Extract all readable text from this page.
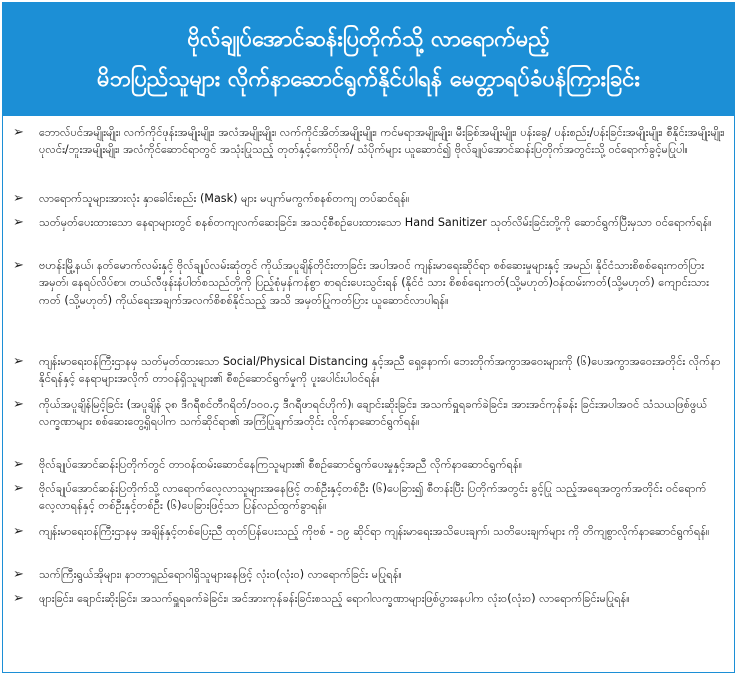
ဗိုလ်ချုပ်အောင်ဆန်းပြတိုက်သို့ လာရောက်မည့်
မိဘပြည်သူများ လိုက်နာဆောင်ရွက်နိုင်ပါရန် မေတ္တာရပ်ခံပန်ကြားခြင်း
➢	ဘောလ်ပင်အမျိုးမျိုး၊ လက်ကိုင်ဖုန်းအမျိုးမျိုး၊ အလံအမျိုးမျိုး၊ လက်ကိုင်အိတ်အမျိုးမျိုး၊ ကင်မရာအမျိုးမျိုး၊ မီးခြစ်အမျိုးမျိုး၊ ပန်းခွေ/ ပန်းစည်း/ပန်းခြင်းအမျိုးမျိုး၊ စီနိုင်းအမျိုးမျိုး၊ ပုလင်း/ဘူးအမျိုးမျိုး၊ အလံကိုင်ဆောင်ရာတွင် အသုံးပြုသည့် တုတ်နှင့်ကော်ပိုက်/ သံပိုက်များ ယူဆောင်၍ ဗိုလ်ချုပ်အောင်ဆန်းပြတိုက်အတွင်းသို့ ဝင်ရောက်ခွင့်မပြုပါ။
➢	လာရောက်သူများအားလုံး နှာခေါင်းစည်း (Mask) များ မပျက်မကွက်စနစ်တကျ တပ်ဆင်ရန်။
➢	သတ်မှတ်ပေးထားသော နေရာများတွင် စနစ်တကျလက်ဆေးခြင်း၊ အသင့်စီစဉ်ပေးထားသော Hand Sanitizer သုတ်လိမ်းခြင်းတို့ကို ဆောင်ရွက်ပြီးမှသာ ဝင်ရောက်ရန်။
➢	ဗဟန်းမြို့နယ်၊ နတ်မောက်လမ်းနှင့် ဗိုလ်ချုပ်လမ်းဆုံတွင် ကိုယ်အပူချိန်တိုင်းတာခြင်း အပါအဝင် ကျန်းမာရေးဆိုင်ရာ စစ်ဆေးမှုများနှင့် အမည်၊ နိုင်ငံသားစိစစ်ရေးကတ်ပြားအမှတ်၊ နေရပ်လိပ်စာ၊ တယ်လီဖုန်းနံပါတ်စသည်တို့ကို ပြည့်စုံမှန်ကန်စွာ စာရင်းပေးသွင်းရန် (နိုင်ငံ သား စိစစ်ရေးကတ်(သို့မဟုတ်)ဝန်ထမ်းကတ်(သို့မဟုတ်) ကျောင်းသားကတ် (သို့မဟုတ်) ကိုယ်ရေးအချက်အလက်စိစစ်နိုင်သည့် အသိ အမှတ်ပြုကတ်ပြား ယူဆောင်လာပါရန်။
➢	ကျန်းမာရေးဝန်ကြီးဌာနမှ သတ်မှတ်ထားသော Social/Physical Distancing နှင့်အညီ ရှေ့နောက်၊ ဘေးတိုက်အကွာအဝေးများကို (၆)ပေအကွာအဝေးအတိုင်း လိုက်နာနိုင်ရန်နှင့် နေရာများအလိုက် တာဝန်ရှိသူများ၏ စီစဉ်ဆောင်ရွက်မှုကို ပူးပေါင်းပါဝင်ရန်။
➢	ကိုယ်အပူချိန်မြင့်ခြင်း (အပူချိန် ၃၈ ဒီဂရီစင်တီဂရိတ်/၁၀၀.၄ ဒီဂရီဖာရင်ဟိုက်)၊ ချောင်းဆိုးခြင်း၊ အသက်ရှူရခက်ခဲခြင်း၊ အားအင်ကုန်ခန်း ခြင်းအပါအဝင် သံသယဖြစ်ဖွယ်လက္ခဏာများ စစ်ဆေးတွေ့ရှိရပါက သက်ဆိုင်ရာ၏ အကြံပြုချက်အတိုင်း လိုက်နာဆောင်ရွက်ရန်။
➢	ဗိုလ်ချုပ်အောင်ဆန်းပြတိုက်တွင် တာဝန်ထမ်းဆောင်နေကြသူများ၏ စီစဉ်ဆောင်ရွက်ပေးမှုနှင့်အညီ လိုက်နာဆောင်ရွက်ရန်။
➢	ဗိုလ်ချုပ်အောင်ဆန်းပြတိုက်သို့ လာရောက်လေ့လာသူများအနေဖြင့် တစ်ဦးနှင့်တစ်ဦး (၆)ပေခြား၍ စီတန်းပြီး ပြတိုက်အတွင်း ခွင့်ပြု သည့်အရေအတွက်အတိုင်း ဝင်ရောက်လေ့လာရန်နှင့် တစ်ဦးနှင့်တစ်ဦး (၆)ပေခြားဖြင့်သာ ပြန်လည်ထွက်ခွာရန်။
➢	ကျန်းမာရေးဝန်ကြီးဌာနမှ အချိန်နှင့်တစ်ပြေးညီ ထုတ်ပြန်ပေးသည့် ကိုဗစ် - ၁၉ ဆိုင်ရာ ကျန်းမာရေးအသိပေးချက်၊ သတိပေးချက်များ ကို တိကျစွာလိုက်နာဆောင်ရွက်ရန်။
➢	သက်ကြီးရွယ်အိုများ၊ နာတာရှည်ရောဂါရှိသူများနေဖြင့် လုံးဝ(လုံးဝ) လာရောက်ခြင်း မပြုရန်။
➢	ဖျားခြင်း၊ ချောင်းဆိုးခြင်း၊ အသက်ရှူရခက်ခဲခြင်း၊ အင်အားကုန်ခန်းခြင်းစသည့် ရောဂါလက္ခဏာများဖြစ်ပွားနေပါက လုံးဝ(လုံးဝ) လာရောက်ခြင်းမပြုရန်။
